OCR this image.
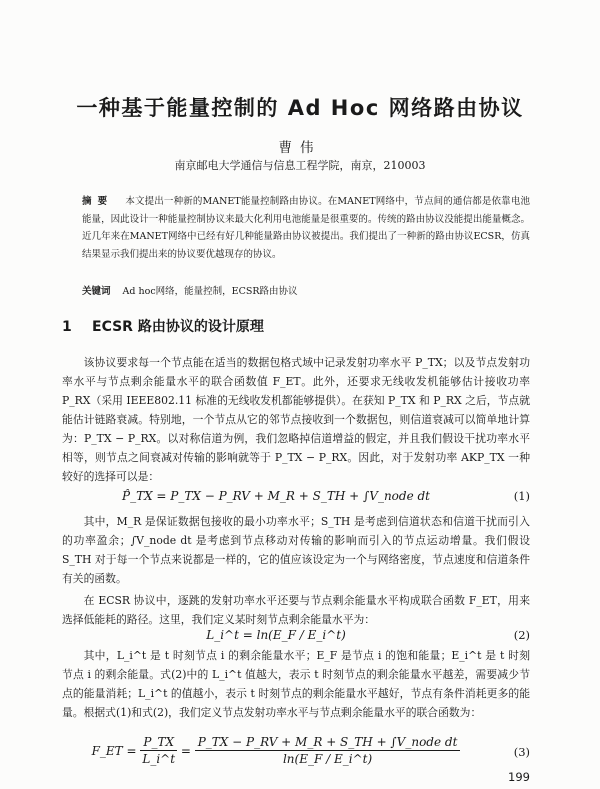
一种基于能量控制的 Ad Hoc 网络路由协议
曹伟
南京邮电大学通信与信息工程学院，南京，210003
摘要 本文提出一种新的MANET能量控制路由协议。在MANET网络中，节点间的通信都是依靠电池能量，因此设计一种能量控制协议来最大化利用电池能量是很重要的。传统的路由协议没能提出能量概念。近几年来在MANET网络中已经有好几种能量路由协议被提出。我们提出了一种新的路由协议ECSR，仿真结果显示我们提出来的协议要优越现存的协议。
关键词 Ad hoc网络，能量控制，ECSR路由协议
1 ECSR 路由协议的设计原理

该协议要求每一个节点能在适当的数据包格式域中记录发射功率水平 P_TX；以及节点发射功率水平与节点剩余能量水平的联合函数值 F_ET。此外，还要求无线收发机能够估计接收功率 P_RX（采用 IEEE802.11 标准的无线收发机都能够提供）。在获知 P_TX 和 P_RX 之后，节点就能估计链路衰减。特别地，一个节点从它的邻节点接收到一个数据包，则信道衰减可以简单地计算为：P_TX − P_RX。以对称信道为例，我们忽略掉信道增益的假定，并且我们假设干扰功率水平相等，则节点之间衰减对传输的影响就等于 P_TX − P_RX。因此，对于发射功率 AKP_TX 一种较好的选择可以是：

P̂_TX = P_TX − P_RV + M_R + S_TH + ∫V_node dt	(1)

其中，M_R 是保证数据包接收的最小功率水平；S_TH 是考虑到信道状态和信道干扰而引入的功率盈余；∫V_node dt 是考虑到节点移动对传输的影响而引入的节点运动增量。我们假设 S_TH 对于每一个节点来说都是一样的，它的值应该设定为一个与网络密度，节点速度和信道条件有关的函数。

在 ECSR 协议中，逐跳的发射功率水平还要与节点剩余能量水平构成联合函数 F_ET，用来选择低能耗的路径。这里，我们定义某时刻节点剩余能量水平为：

L_i^t = ln(E_F / E_i^t)	(2)

其中，L_i^t 是 t 时刻节点 i 的剩余能量水平；E_F 是节点 i 的饱和能量；E_i^t 是 t 时刻节点 i 的剩余能量。式(2)中的 L_i^t 值越大，表示 t 时刻节点的剩余能量水平越差，需要减少节点的能量消耗；L_i^t 的值越小，表示 t 时刻节点的剩余能量水平越好，节点有条件消耗更多的能量。根据式(1)和式(2)，我们定义节点发射功率水平与节点剩余能量水平的联合函数为：

F_ET = $\frac{P\_TX}{L\_i\^{}t} = \frac{\text{P\_TX − P\_RV + M\_R + S\_TH + ∫V\_node dt}}{\ln(E\_F / E\_i\^{}t)}$	(3)
199
